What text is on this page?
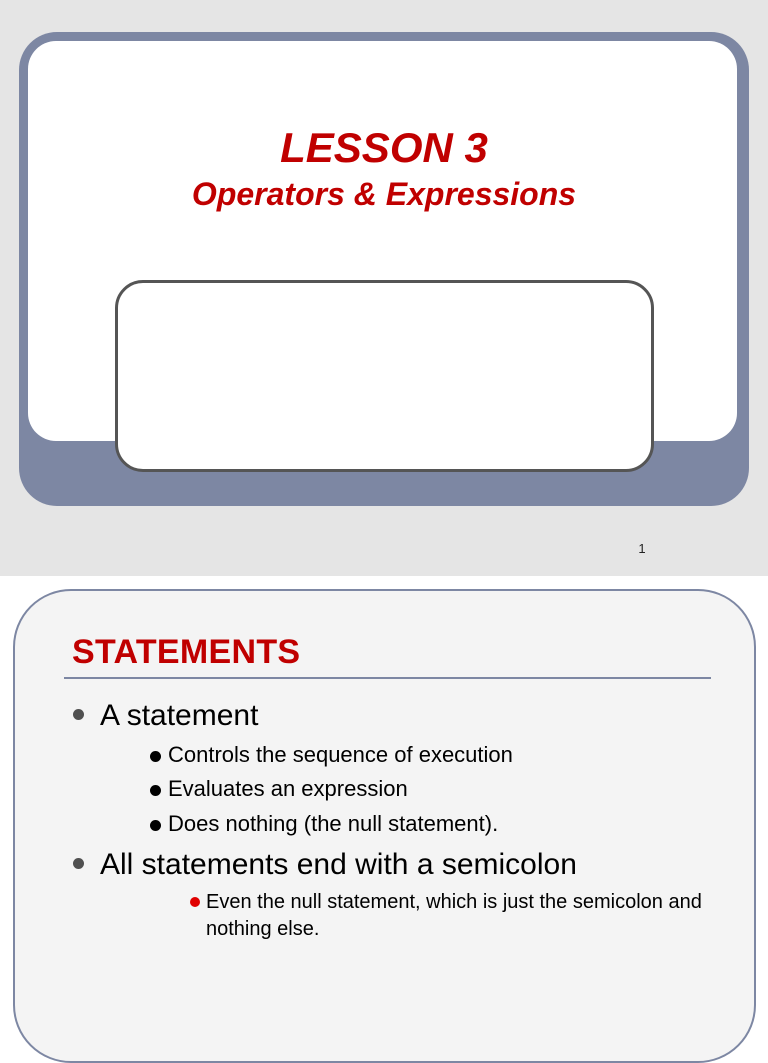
LESSON 3
Operators & Expressions
1
STATEMENTS
A statement
Controls the sequence of execution
Evaluates an expression
Does nothing (the null statement).
All statements end with a semicolon
Even the null statement, which is just the semicolon and nothing else.
